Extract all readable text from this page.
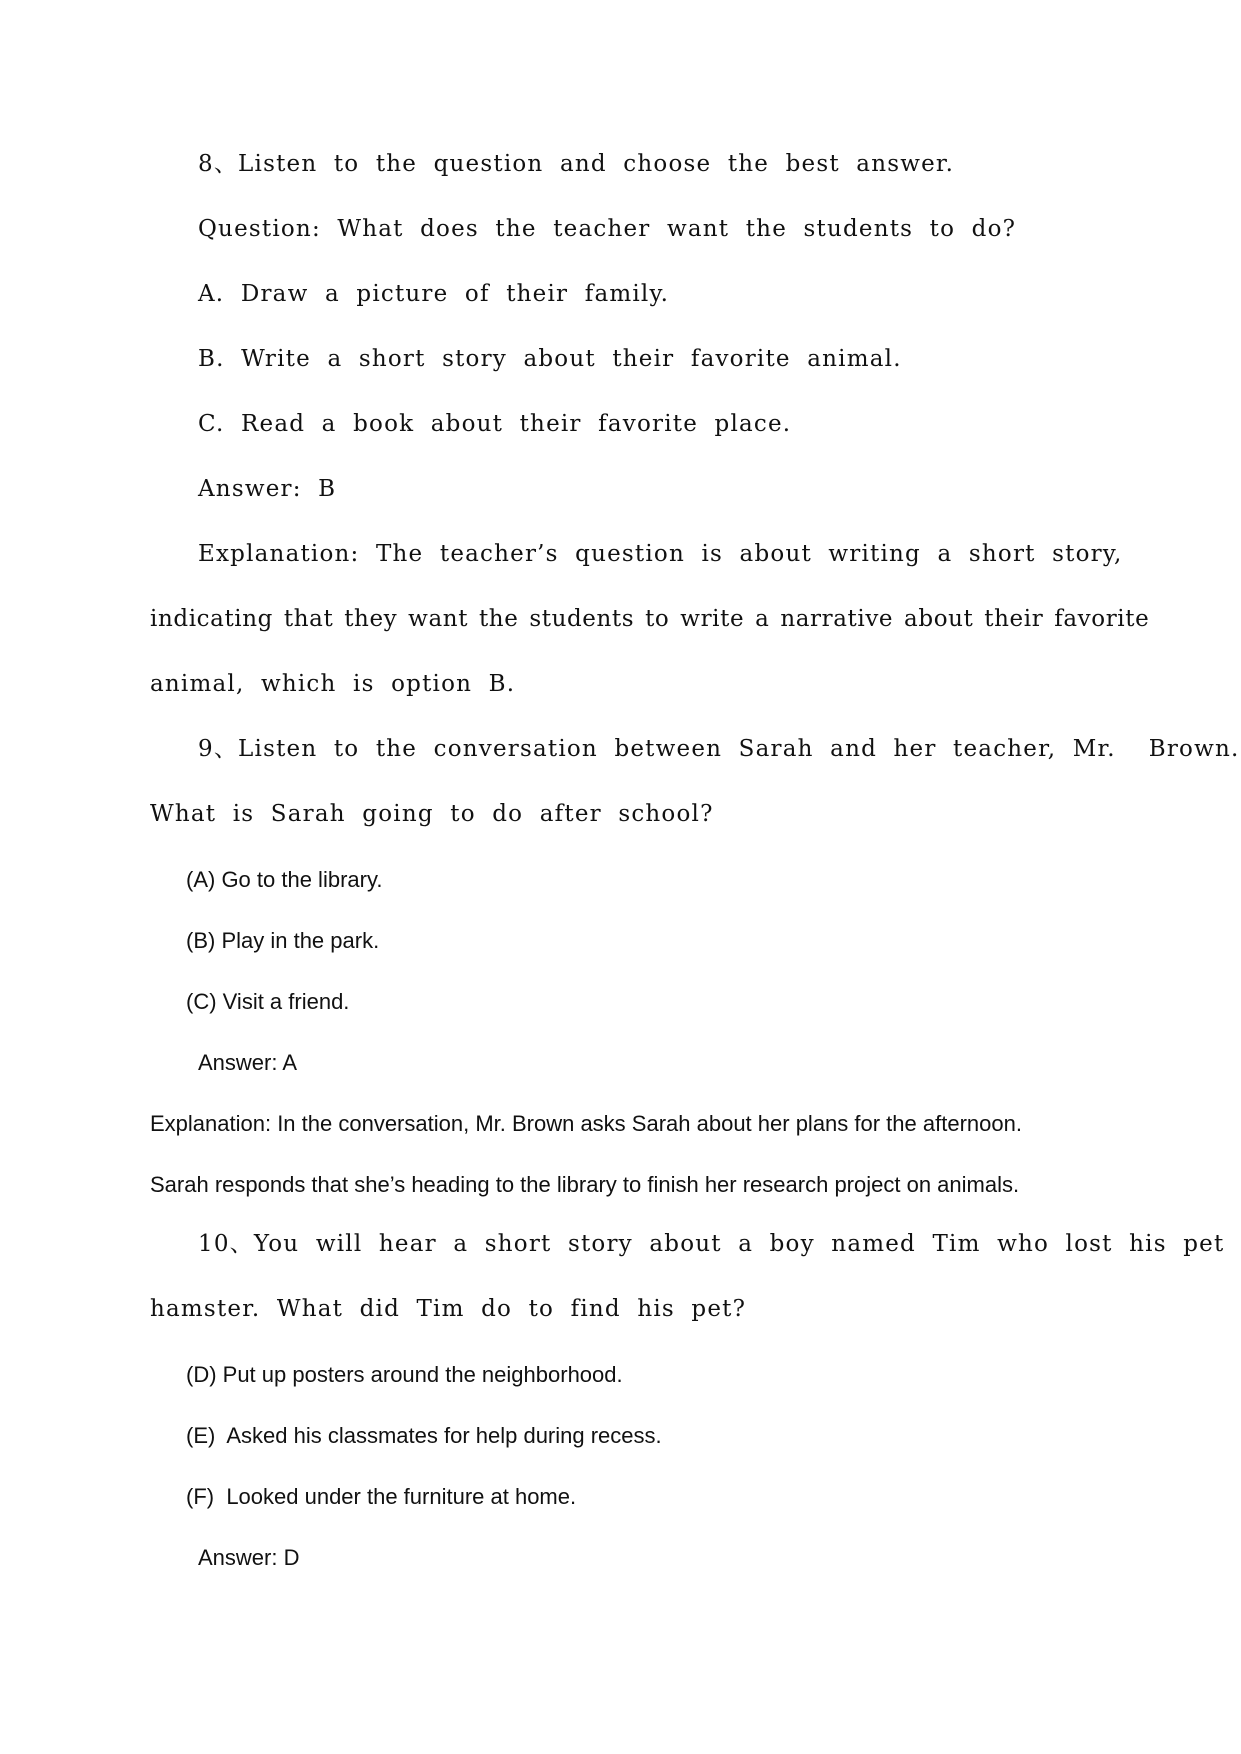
8、Listen to the question and choose the best answer.
Question: What does the teacher want the students to do?
A. Draw a picture of their family.
B. Write a short story about their favorite animal.
C. Read a book about their favorite place.
Answer: B
Explanation: The teacher’s question is about writing a short story,
indicating that they want the students to write a narrative about their favorite
animal, which is option B.
9、Listen to the conversation between Sarah and her teacher, Mr.  Brown.
What is Sarah going to do after school?
(A) Go to the library.
(B) Play in the park.
(C) Visit a friend.
Answer: A
Explanation: In the conversation, Mr. Brown asks Sarah about her plans for the afternoon.
Sarah responds that she’s heading to the library to finish her research project on animals.
10、You will hear a short story about a boy named Tim who lost his pet
hamster. What did Tim do to find his pet?
(D) Put up posters around the neighborhood.
(E)  Asked his classmates for help during recess.
(F)  Looked under the furniture at home.
Answer: D
